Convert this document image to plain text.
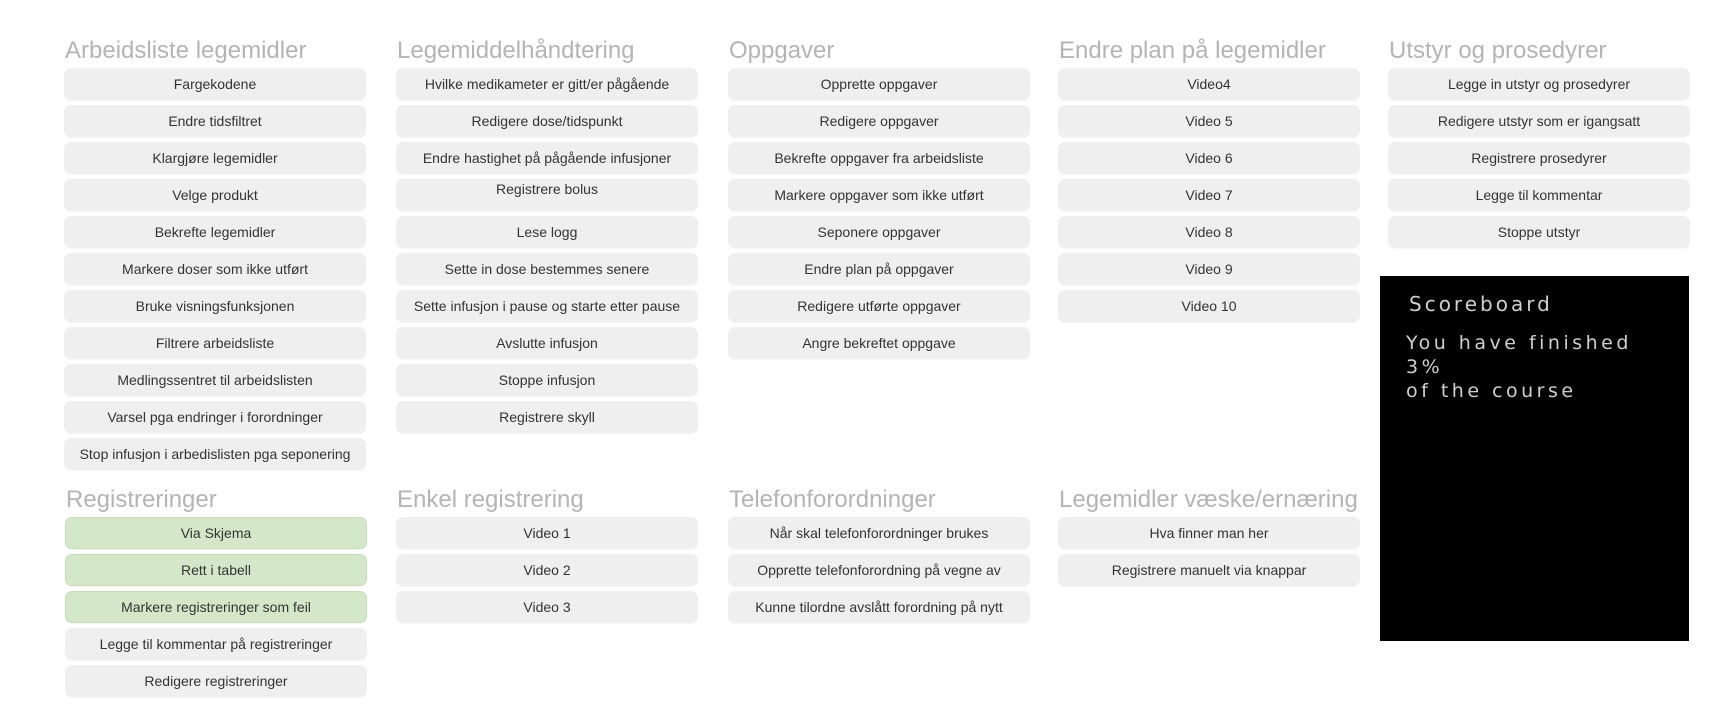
Arbeidsliste legemidler
Fargekodene
Endre tidsfiltret
Klargjøre legemidler
Velge produkt
Bekrefte legemidler
Markere doser som ikke utført
Bruke visningsfunksjonen
Filtrere arbeidsliste
Medlingssentret til arbeidslisten
Varsel pga endringer i forordninger
Stop infusjon i arbedislisten pga seponering
Legemiddelhåndtering
Hvilke medikameter er gitt/er pågående
Redigere dose/tidspunkt
Endre hastighet på pågående infusjoner
Registrere bolus
Lese logg
Sette in dose bestemmes senere
Sette infusjon i pause og starte etter pause
Avslutte infusjon
Stoppe infusjon
Registrere skyll
Oppgaver
Opprette oppgaver
Redigere oppgaver
Bekrefte oppgaver fra arbeidsliste
Markere oppgaver som ikke utført
Seponere oppgaver
Endre plan på oppgaver
Redigere utførte oppgaver
Angre bekreftet oppgave
Endre plan på legemidler
Video4
Video 5
Video 6
Video 7
Video 8
Video 9
Video 10
Utstyr og prosedyrer
Legge in utstyr og prosedyrer
Redigere utstyr som er igangsatt
Registrere prosedyrer
Legge til kommentar
Stoppe utstyr
Registreringer
Via Skjema
Rett i tabell
Markere registreringer som feil
Legge til kommentar på registreringer
Redigere registreringer
Enkel registrering
Video 1
Video 2
Video 3
Telefonforordninger
Når skal telefonforordninger brukes
Opprette telefonforordning på vegne av
Kunne tilordne avslått forordning på nytt
Legemidler væske/ernæring
Hva finner man her
Registrere manuelt via knappar
Scoreboard
You have finished
3%
of the course
